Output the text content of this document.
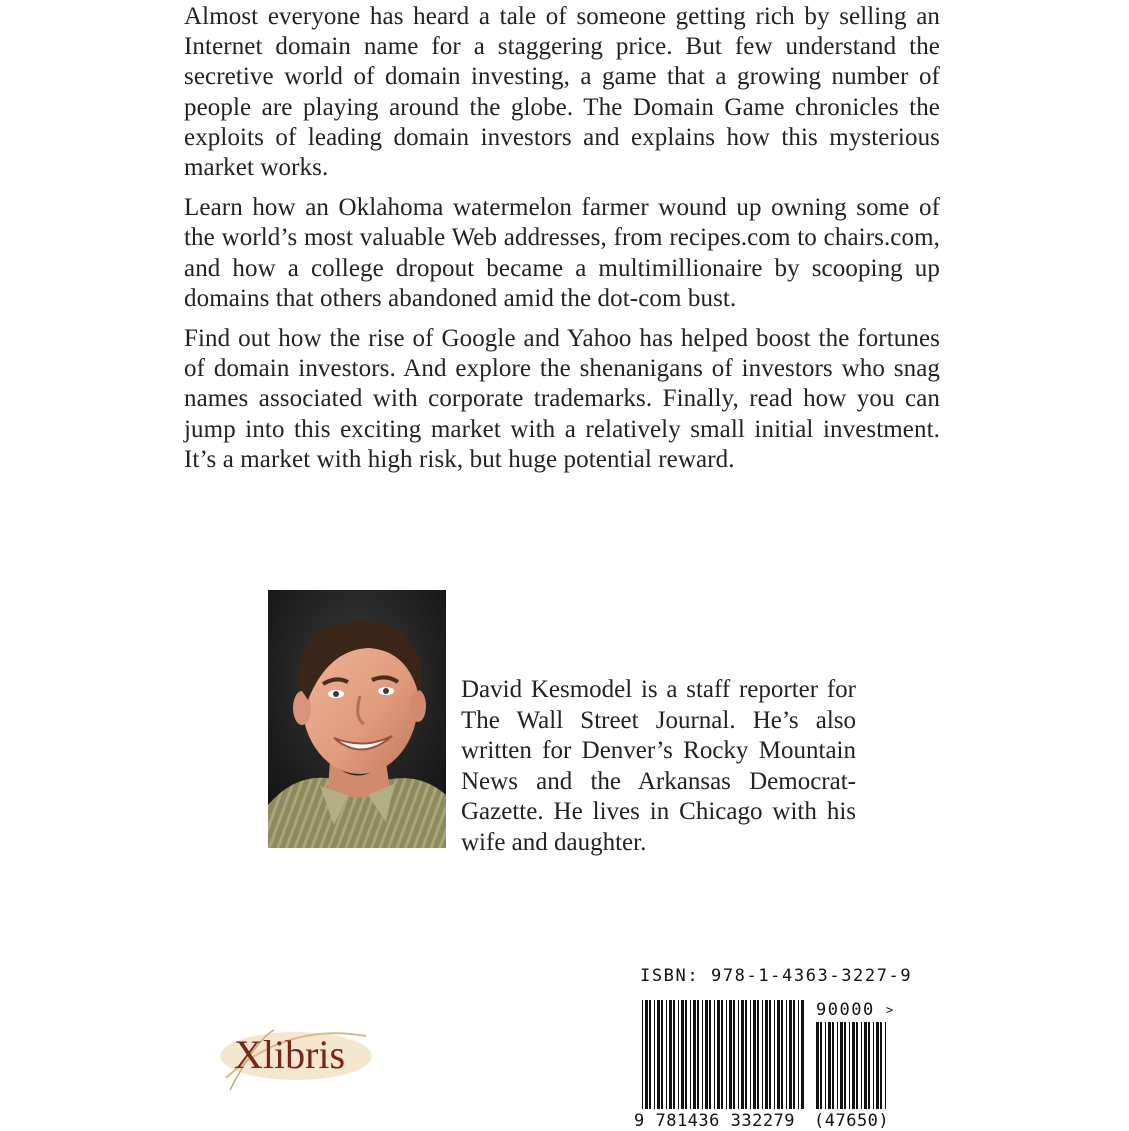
Almost everyone has heard a tale of someone getting rich by selling an Internet domain name for a staggering price. But few understand the secretive world of domain investing, a game that a growing number of people are playing around the globe. The Domain Game chronicles the exploits of leading domain investors and explains how this mysterious market works.

Learn how an Oklahoma watermelon farmer wound up owning some of the world’s most valuable Web addresses, from recipes.com to chairs.com, and how a college dropout became a multimillionaire by scooping up domains that others abandoned amid the dot-com bust.

Find out how the rise of Google and Yahoo has helped boost the fortunes of domain investors. And explore the shenanigans of investors who snag names associated with corporate trademarks. Finally, read how you can jump into this exciting market with a relatively small initial investment. It’s a market with high risk, but huge potential reward.

David Kesmodel is a staff reporter for The Wall Street Journal. He’s also written for Denver’s Rocky Mountain News and the Arkansas Democrat-Gazette. He lives in Chicago with his wife and daughter.

ISBN: 978-1-4363-3227-9
90000 >
9 781436 332279 (47650)
Xlibris
